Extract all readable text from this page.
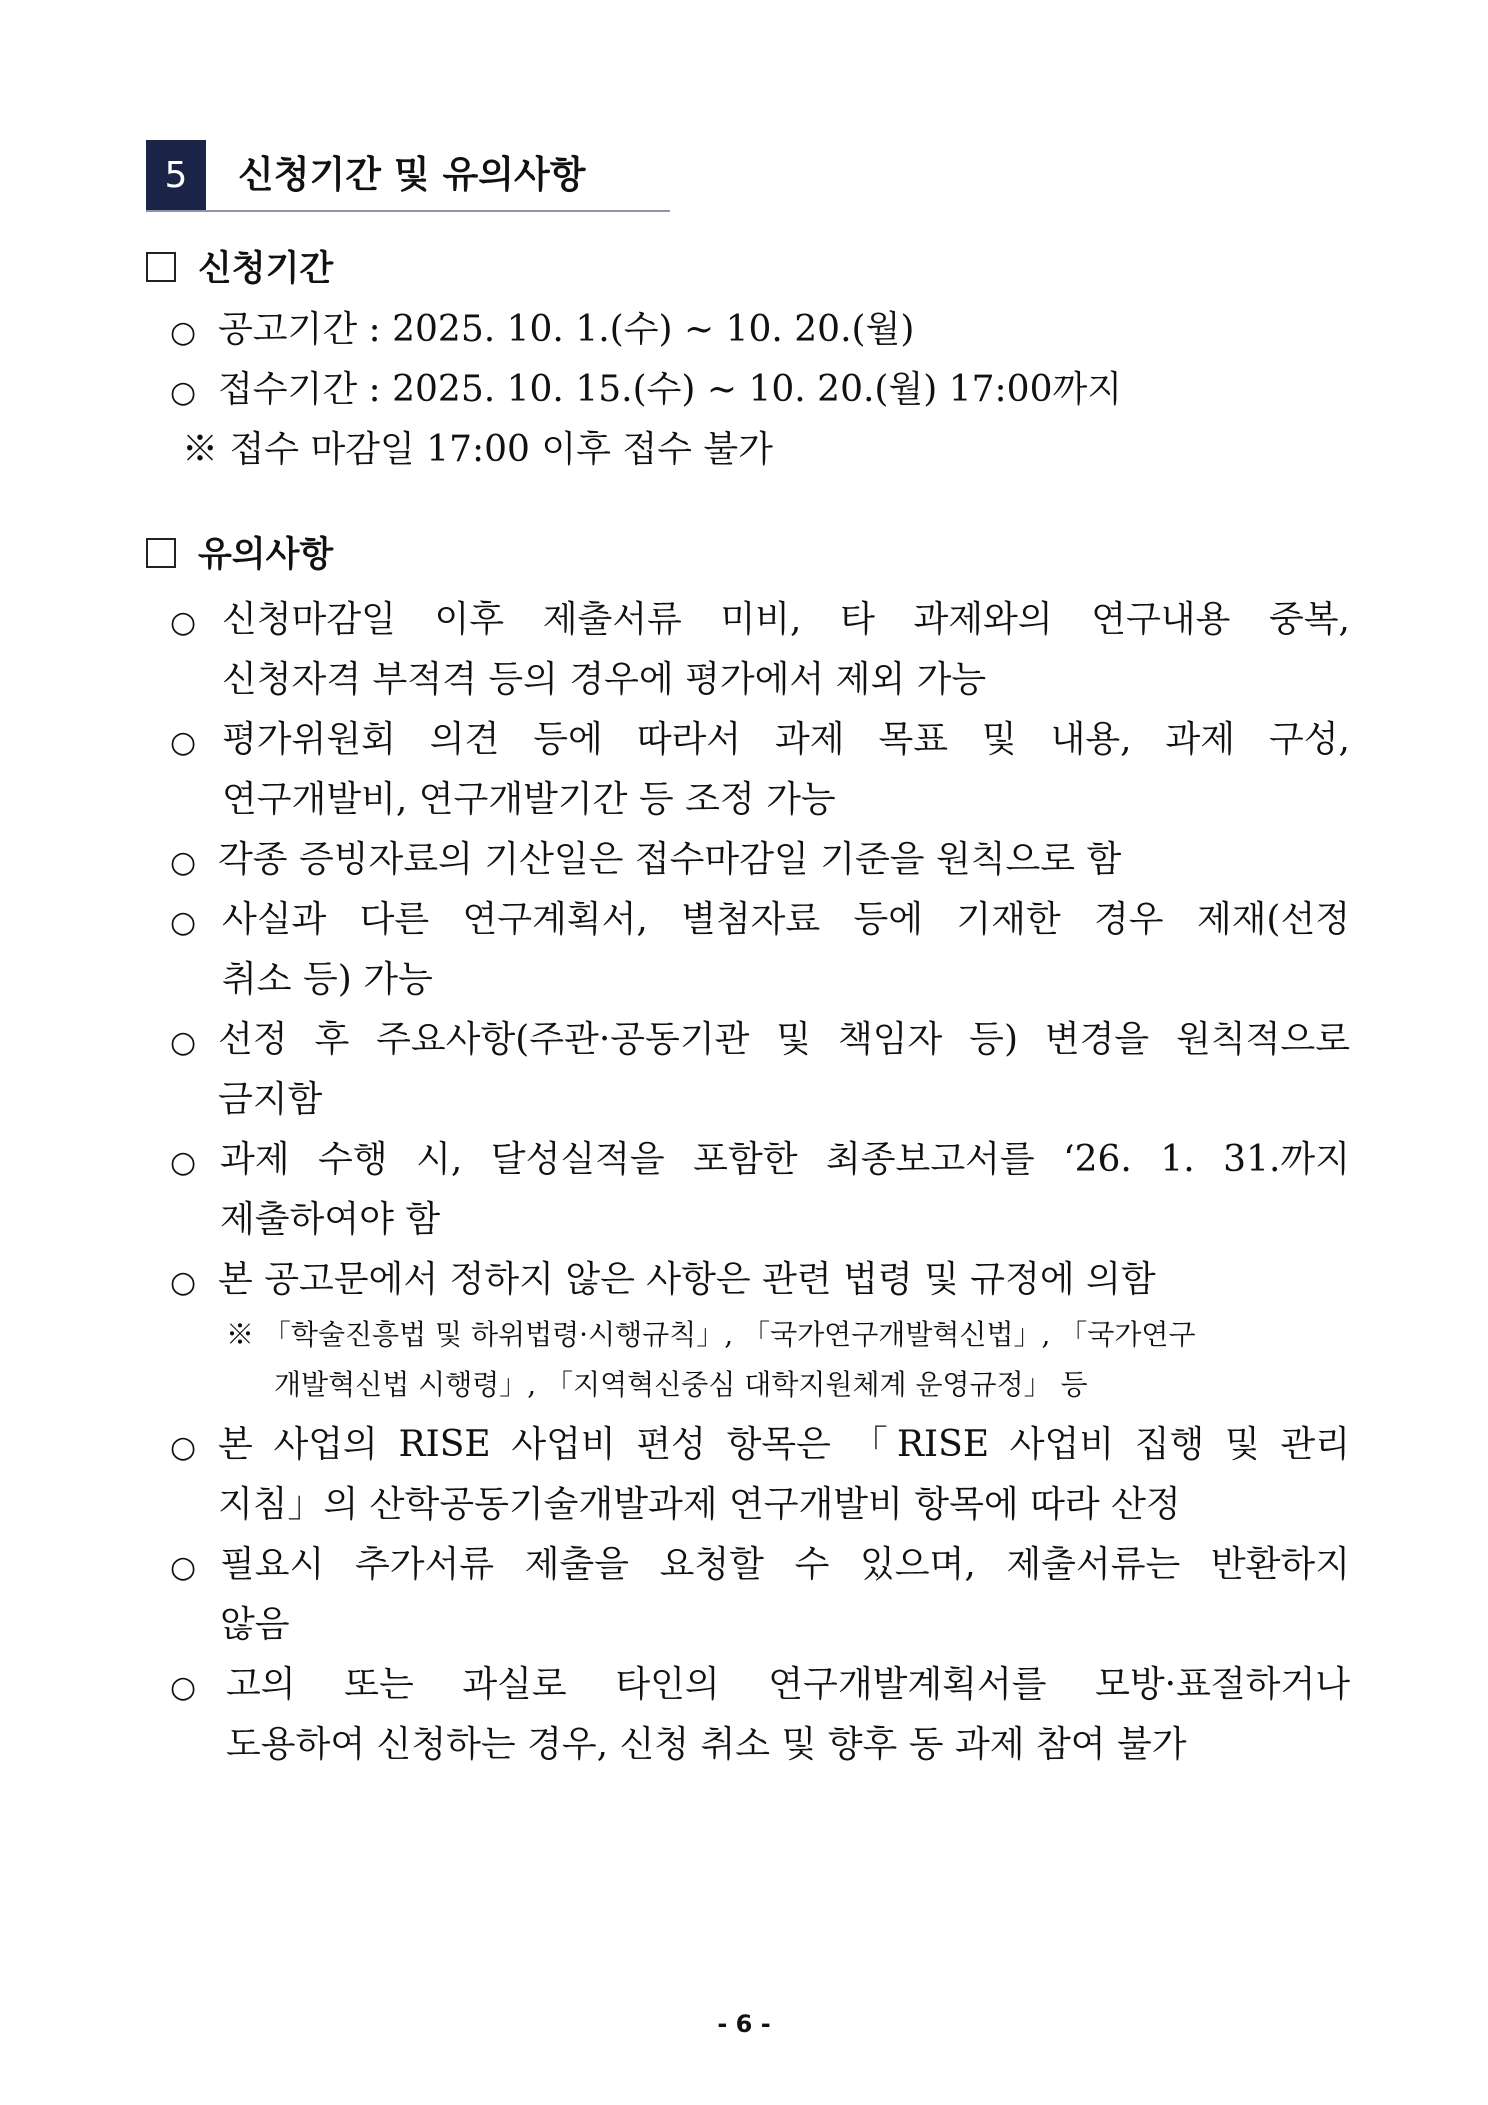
5	신청기간 및 유의사항
신청기간
○ 공고기간 : 2025. 10. 1.(수) ~ 10. 20.(월)
○ 접수기간 : 2025. 10. 15.(수) ~ 10. 20.(월) 17:00까지
※ 접수 마감일 17:00 이후 접수 불가
유의사항
○ 신청마감일 이후 제출서류 미비, 타 과제와의 연구내용 중복,
신청자격 부적격 등의 경우에 평가에서 제외 가능
○ 평가위원회 의견 등에 따라서 과제 목표 및 내용, 과제 구성,
연구개발비, 연구개발기간 등 조정 가능
○ 각종 증빙자료의 기산일은 접수마감일 기준을 원칙으로 함
○ 사실과 다른 연구계획서, 별첨자료 등에 기재한 경우 제재(선정
취소 등) 가능
○ 선정 후 주요사항(주관·공동기관 및 책임자 등) 변경을 원칙적으로
금지함
○ 과제 수행 시, 달성실적을 포함한 최종보고서를 ‘26. 1. 31.까지
제출하여야 함
○ 본 공고문에서 정하지 않은 사항은 관련 법령 및 규정에 의함
※ 「학술진흥법 및 하위법령·시행규칙」, 「국가연구개발혁신법」, 「국가연구
개발혁신법 시행령」, 「지역혁신중심 대학지원체계 운영규정」 등
○ 본 사업의 RISE 사업비 편성 항목은 「RISE 사업비 집행 및 관리
지침」의 산학공동기술개발과제 연구개발비 항목에 따라 산정
○ 필요시 추가서류 제출을 요청할 수 있으며, 제출서류는 반환하지
않음
○ 고의 또는 과실로 타인의 연구개발계획서를 모방·표절하거나
도용하여 신청하는 경우, 신청 취소 및 향후 동 과제 참여 불가
- 6 -
